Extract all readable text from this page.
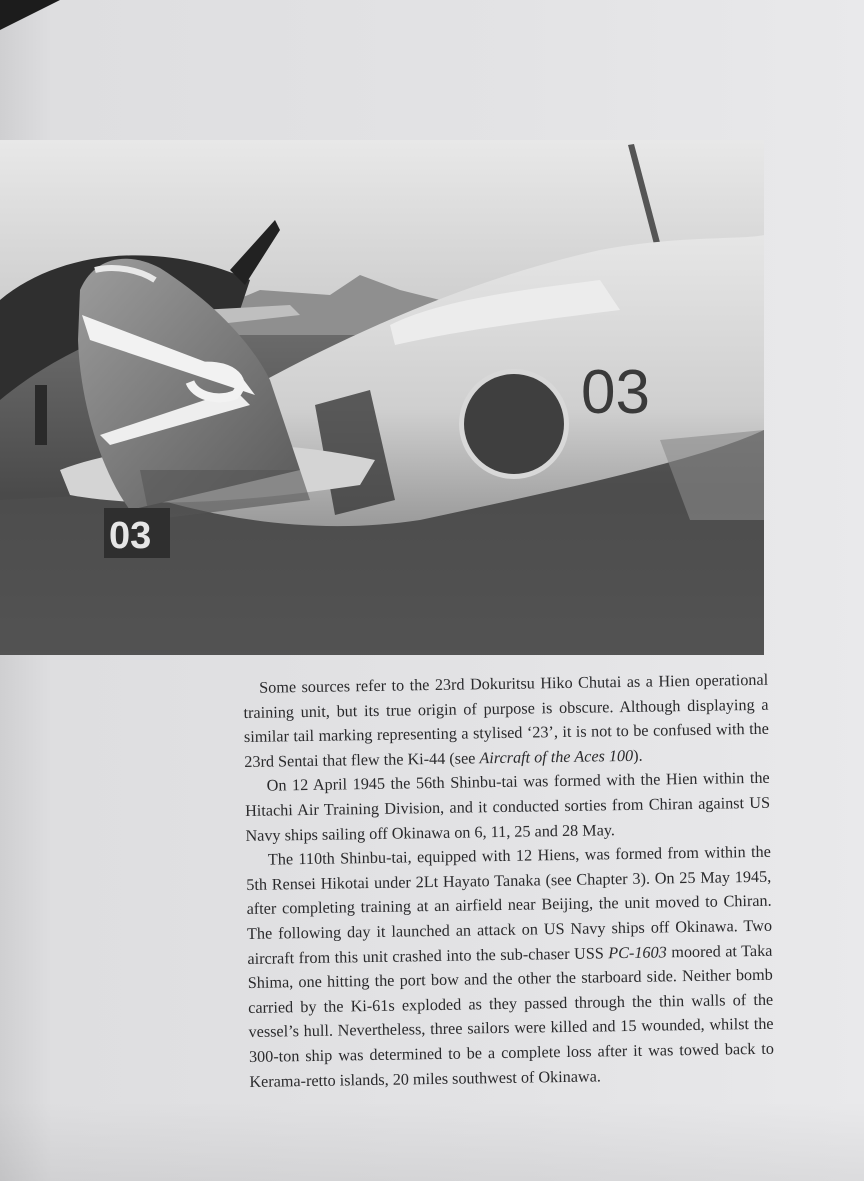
03
03

Some sources refer to the 23rd Dokuritsu Hiko Chutai as a Hien operational training unit, but its true origin of purpose is obscure. Although displaying a similar tail marking representing a stylised ‘23’, it is not to be confused with the 23rd Sentai that flew the Ki-44 (see Aircraft of the Aces 100).

On 12 April 1945 the 56th Shinbu-tai was formed with the Hien within the Hitachi Air Training Division, and it conducted sorties from Chiran against US Navy ships sailing off Okinawa on 6, 11, 25 and 28 May.

The 110th Shinbu-tai, equipped with 12 Hiens, was formed from within the 5th Rensei Hikotai under 2Lt Hayato Tanaka (see Chapter 3). On 25 May 1945, after completing training at an airfield near Beijing, the unit moved to Chiran. The following day it launched an attack on US Navy ships off Okinawa. Two aircraft from this unit crashed into the sub-chaser USS PC-1603 moored at Taka Shima, one hitting the port bow and the other the starboard side. Neither bomb carried by the Ki-61s exploded as they passed through the thin walls of the vessel’s hull. Nevertheless, three sailors were killed and 15 wounded, whilst the 300-ton ship was determined to be a complete loss after it was towed back to Kerama-retto islands, 20 miles southwest of Okinawa.
